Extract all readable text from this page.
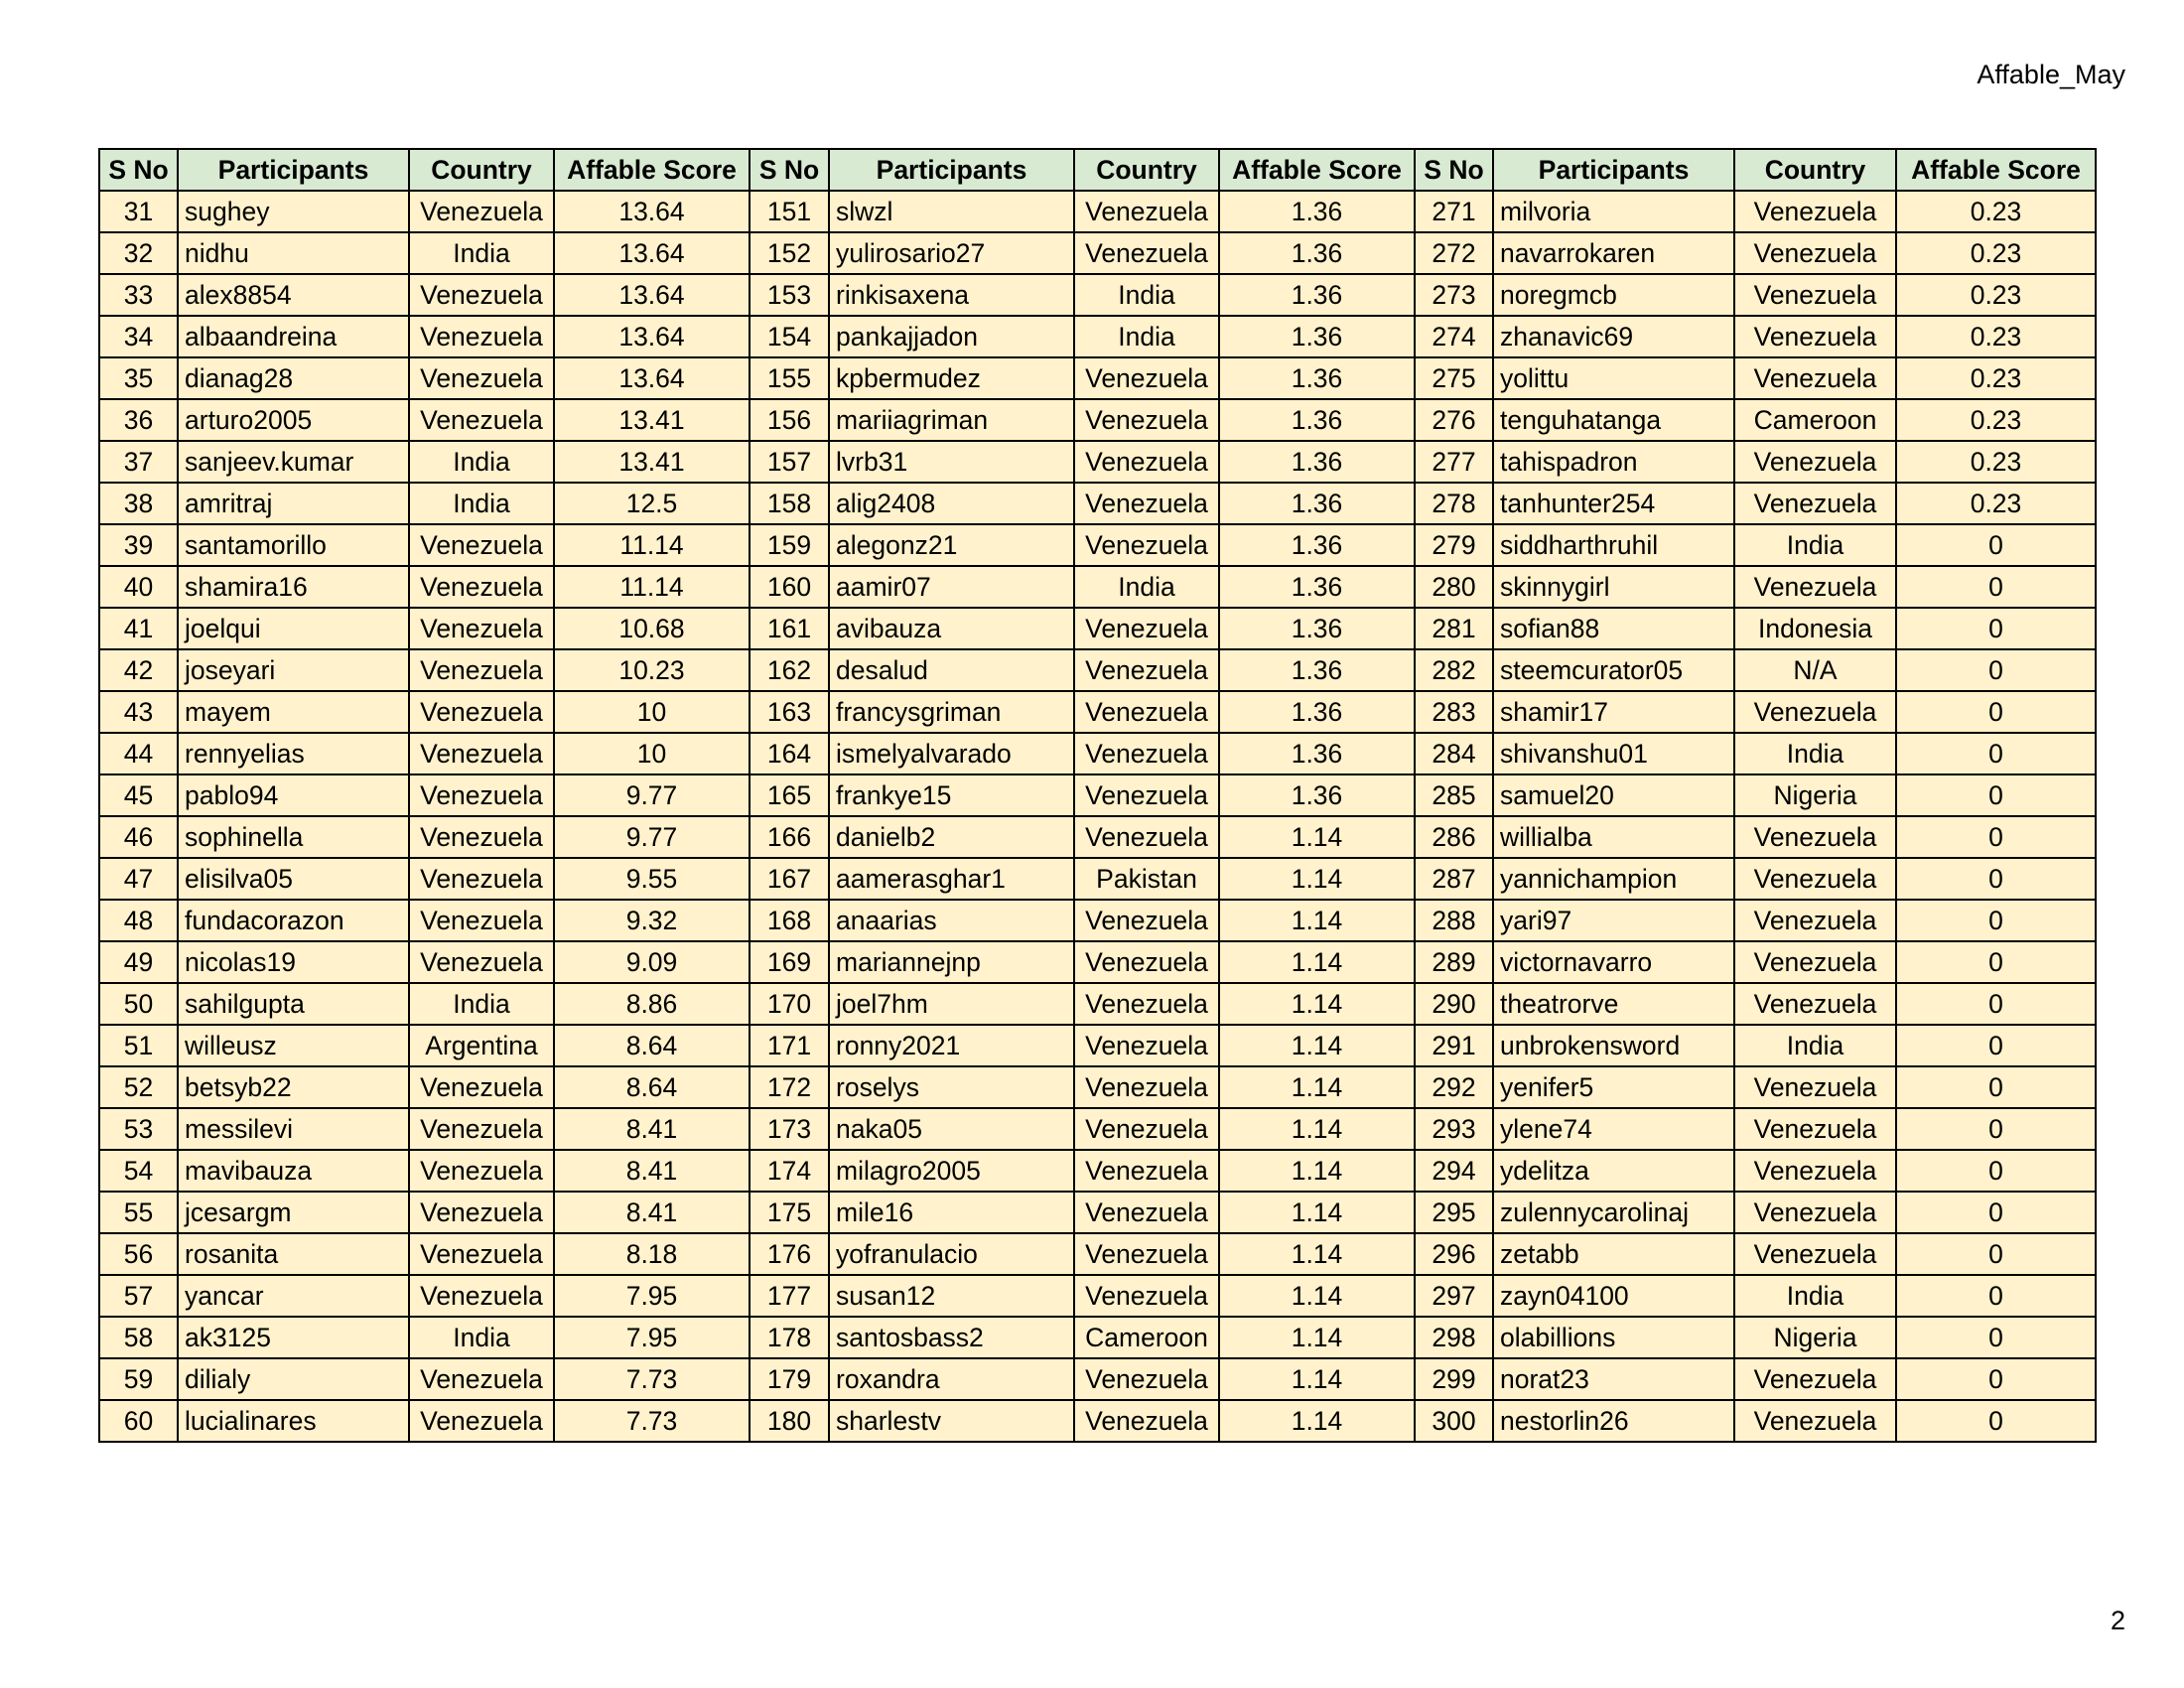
Affable_May
S No	Participants	Country	Affable Score	S No	Participants	Country	Affable Score	S No	Participants	Country	Affable Score
31	sughey	Venezuela	13.64	151	slwzl	Venezuela	1.36	271	milvoria	Venezuela	0.23
32	nidhu	India	13.64	152	yulirosario27	Venezuela	1.36	272	navarrokaren	Venezuela	0.23
33	alex8854	Venezuela	13.64	153	rinkisaxena	India	1.36	273	noregmcb	Venezuela	0.23
34	albaandreina	Venezuela	13.64	154	pankajjadon	India	1.36	274	zhanavic69	Venezuela	0.23
35	dianag28	Venezuela	13.64	155	kpbermudez	Venezuela	1.36	275	yolittu	Venezuela	0.23
36	arturo2005	Venezuela	13.41	156	mariiagriman	Venezuela	1.36	276	tenguhatanga	Cameroon	0.23
37	sanjeev.kumar	India	13.41	157	lvrb31	Venezuela	1.36	277	tahispadron	Venezuela	0.23
38	amritraj	India	12.5	158	alig2408	Venezuela	1.36	278	tanhunter254	Venezuela	0.23
39	santamorillo	Venezuela	11.14	159	alegonz21	Venezuela	1.36	279	siddharthruhil	India	0
40	shamira16	Venezuela	11.14	160	aamir07	India	1.36	280	skinnygirl	Venezuela	0
41	joelqui	Venezuela	10.68	161	avibauza	Venezuela	1.36	281	sofian88	Indonesia	0
42	joseyari	Venezuela	10.23	162	desalud	Venezuela	1.36	282	steemcurator05	N/A	0
43	mayem	Venezuela	10	163	francysgriman	Venezuela	1.36	283	shamir17	Venezuela	0
44	rennyelias	Venezuela	10	164	ismelyalvarado	Venezuela	1.36	284	shivanshu01	India	0
45	pablo94	Venezuela	9.77	165	frankye15	Venezuela	1.36	285	samuel20	Nigeria	0
46	sophinella	Venezuela	9.77	166	danielb2	Venezuela	1.14	286	willialba	Venezuela	0
47	elisilva05	Venezuela	9.55	167	aamerasghar1	Pakistan	1.14	287	yannichampion	Venezuela	0
48	fundacorazon	Venezuela	9.32	168	anaarias	Venezuela	1.14	288	yari97	Venezuela	0
49	nicolas19	Venezuela	9.09	169	mariannejnp	Venezuela	1.14	289	victornavarro	Venezuela	0
50	sahilgupta	India	8.86	170	joel7hm	Venezuela	1.14	290	theatrorve	Venezuela	0
51	willeusz	Argentina	8.64	171	ronny2021	Venezuela	1.14	291	unbrokensword	India	0
52	betsyb22	Venezuela	8.64	172	roselys	Venezuela	1.14	292	yenifer5	Venezuela	0
53	messilevi	Venezuela	8.41	173	naka05	Venezuela	1.14	293	ylene74	Venezuela	0
54	mavibauza	Venezuela	8.41	174	milagro2005	Venezuela	1.14	294	ydelitza	Venezuela	0
55	jcesargm	Venezuela	8.41	175	mile16	Venezuela	1.14	295	zulennycarolinaj	Venezuela	0
56	rosanita	Venezuela	8.18	176	yofranulacio	Venezuela	1.14	296	zetabb	Venezuela	0
57	yancar	Venezuela	7.95	177	susan12	Venezuela	1.14	297	zayn04100	India	0
58	ak3125	India	7.95	178	santosbass2	Cameroon	1.14	298	olabillions	Nigeria	0
59	dilialy	Venezuela	7.73	179	roxandra	Venezuela	1.14	299	norat23	Venezuela	0
60	lucialinares	Venezuela	7.73	180	sharlestv	Venezuela	1.14	300	nestorlin26	Venezuela	0
2
